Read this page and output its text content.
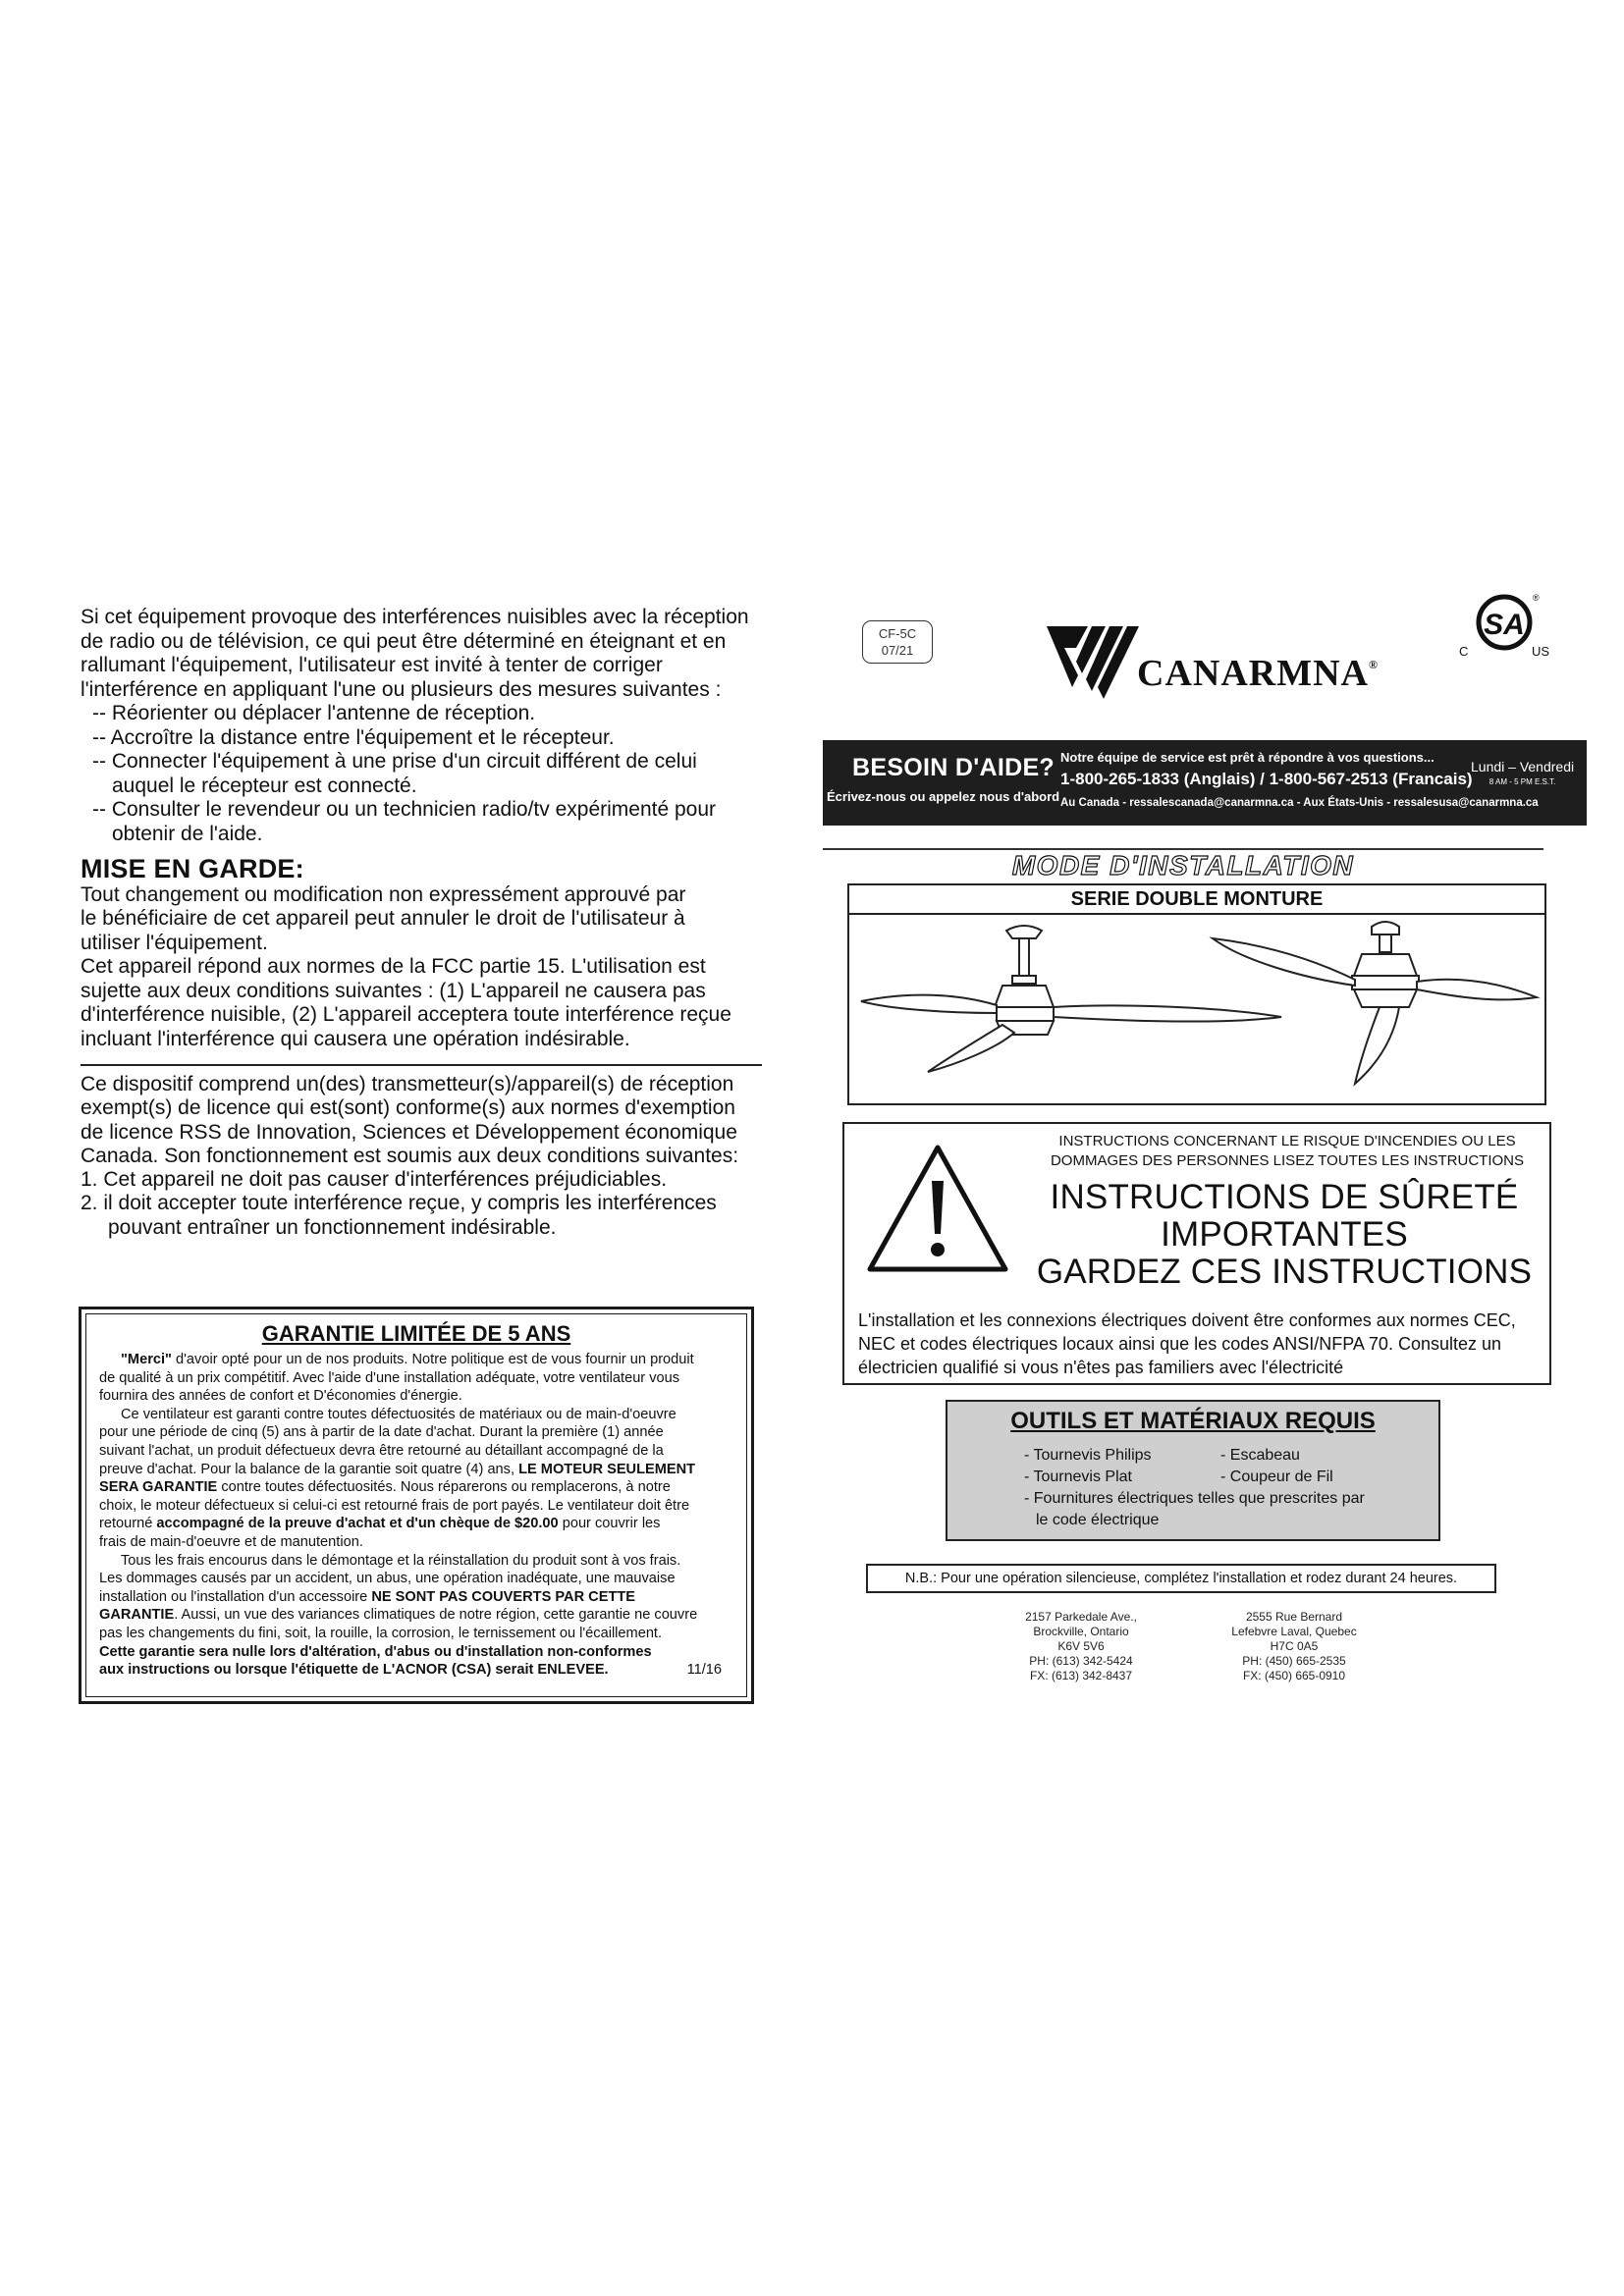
Si cet équipement provoque des interférences nuisibles avec la réception
de radio ou de télévision, ce qui peut être déterminé en éteignant et en
rallumant l'équipement, l'utilisateur est invité à tenter de corriger
l'interférence en appliquant l'une ou plusieurs des mesures suivantes :
-- Réorienter ou déplacer l'antenne de réception.
-- Accroître la distance entre l'équipement et le récepteur.
-- Connecter l'équipement à une prise d'un circuit différent de celui
auquel le récepteur est connecté.
-- Consulter le revendeur ou un technicien radio/tv expérimenté pour
obtenir de l'aide.
MISE EN GARDE:
Tout changement ou modification non expressément approuvé par
le bénéficiaire de cet appareil peut annuler le droit de l'utilisateur à
utiliser l'équipement.
Cet appareil répond aux normes de la FCC partie 15. L'utilisation est
sujette aux deux conditions suivantes : (1) L'appareil ne causera pas
d'interférence nuisible, (2) L'appareil acceptera toute interférence reçue
incluant l'interférence qui causera une opération indésirable.
Ce dispositif comprend un(des) transmetteur(s)/appareil(s) de réception
exempt(s) de licence qui est(sont) conforme(s) aux normes d'exemption
de licence RSS de Innovation, Sciences et Développement économique
Canada. Son fonctionnement est soumis aux deux conditions suivantes:
1. Cet appareil ne doit pas causer d'interférences préjudiciables.
2. il doit accepter toute interférence reçue, y compris les interférences
pouvant entraîner un fonctionnement indésirable.
GARANTIE LIMITÉE DE 5 ANS
"Merci" d'avoir opté pour un de nos produits. Notre politique est de vous fournir un produit
de qualité à un prix compétitif. Avec l'aide d'une installation adéquate, votre ventilateur vous
fournira des années de confort et D'économies d'énergie.
Ce ventilateur est garanti contre toutes défectuosités de matériaux ou de main-d'oeuvre
pour une période de cinq (5) ans à partir de la date d'achat. Durant la première (1) année
suivant l'achat, un produit défectueux devra être retourné au détaillant accompagné de la
preuve d'achat. Pour la balance de la garantie soit quatre (4) ans, LE MOTEUR SEULEMENT
SERA GARANTIE contre toutes défectuosités. Nous réparerons ou remplacerons, à notre
choix, le moteur défectueux si celui-ci est retourné frais de port payés. Le ventilateur doit être
retourné accompagné de la preuve d'achat et d'un chèque de $20.00 pour couvrir les
frais de main-d'oeuvre et de manutention.
Tous les frais encourus dans le démontage et la réinstallation du produit sont à vos frais.
Les dommages causés par un accident, un abus, une opération inadéquate, une mauvaise
installation ou l'installation d'un accessoire NE SONT PAS COUVERTS PAR CETTE
GARANTIE. Aussi, un vue des variances climatiques de notre région, cette garantie ne couvre
pas les changements du fini, soit, la rouille, la corrosion, le ternissement ou l'écaillement.
Cette garantie sera nulle lors d'altération, d'abus ou d'installation non-conformes
aux instructions ou lorsque l'étiquette de L'ACNOR (CSA) serait ENLEVEE.	11/16
CF-5C
07/21
CANARMNA®
SA
®
C	US
BESOIN D'AIDE?
Écrivez-nous ou appelez nous d'abord
Notre équipe de service est prêt à répondre à vos questions...
1-800-265-1833 (Anglais) / 1-800-567-2513 (Francais)
Au Canada - ressalescanada@canarmna.ca - Aux États-Unis - ressalesusa@canarmna.ca
Lundi – Vendredi
8 AM - 5 PM E.S.T.
MODE D'INSTALLATION
SERIE DOUBLE MONTURE
INSTRUCTIONS CONCERNANT LE RISQUE D'INCENDIES OU LES
DOMMAGES DES PERSONNES LISEZ TOUTES LES INSTRUCTIONS
INSTRUCTIONS DE SÛRETÉ
IMPORTANTES
GARDEZ CES INSTRUCTIONS
L'installation et les connexions électriques doivent être conformes aux normes CEC,
NEC et codes électriques locaux ainsi que les codes ANSI/NFPA 70. Consultez un
électricien qualifié si vous n'êtes pas familiers avec l'électricité
OUTILS ET MATÉRIAUX REQUIS
- Tournevis Philips	- Escabeau
- Tournevis Plat	- Coupeur de Fil
- Fournitures électriques telles que prescrites par
le code électrique
N.B.: Pour une opération silencieuse, complétez l'installation et rodez durant 24 heures.
2157 Parkedale Ave.,
Brockville, Ontario
K6V 5V6
PH: (613) 342-5424
FX: (613) 342-8437
2555 Rue Bernard
Lefebvre Laval, Quebec
H7C 0A5
PH: (450) 665-2535
FX: (450) 665-0910
